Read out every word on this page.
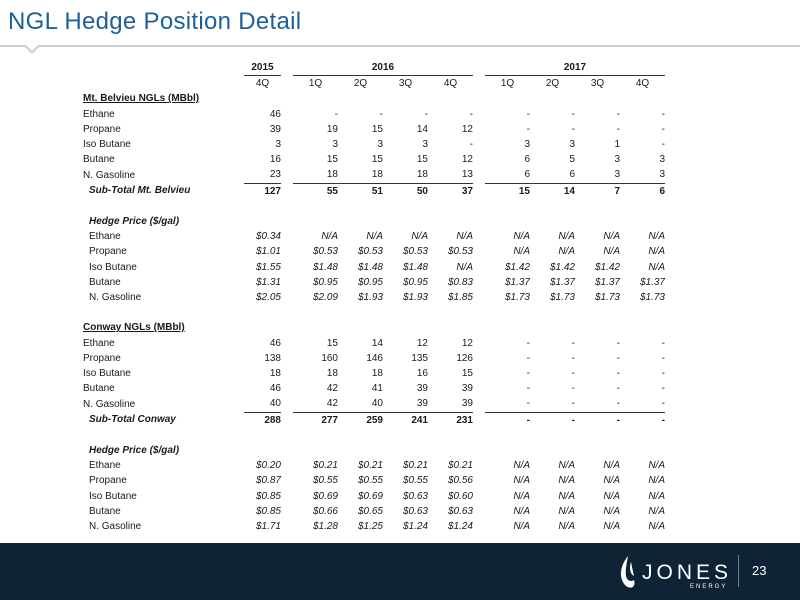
NGL Hedge Position Detail
	2015		2016					2017			
	4Q		1Q	2Q	3Q	4Q		1Q	2Q	3Q	4Q
Mt. Belvieu NGLs (MBbl)											
Ethane	46		-	-	-	-		-	-	-	-
Propane	39		19	15	14	12		-	-	-	-
Iso Butane	3		3	3	3	-		3	3	1	-
Butane	16		15	15	15	12		6	5	3	3
N. Gasoline	23		18	18	18	13		6	6	3	3
Sub-Total Mt. Belvieu	127		55	51	50	37		15	14	7	6

Hedge Price ($/gal)											
Ethane	$0.34		N/A	N/A	N/A	N/A		N/A	N/A	N/A	N/A
Propane	$1.01		$0.53	$0.53	$0.53	$0.53		N/A	N/A	N/A	N/A
Iso Butane	$1.55		$1.48	$1.48	$1.48	N/A		$1.42	$1.42	$1.42	N/A
Butane	$1.31		$0.95	$0.95	$0.95	$0.83		$1.37	$1.37	$1.37	$1.37
N. Gasoline	$2.05		$2.09	$1.93	$1.93	$1.85		$1.73	$1.73	$1.73	$1.73

Conway NGLs (MBbl)											
Ethane	46		15	14	12	12		-	-	-	-
Propane	138		160	146	135	126		-	-	-	-
Iso Butane	18		18	18	16	15		-	-	-	-
Butane	46		42	41	39	39		-	-	-	-
N. Gasoline	40		42	40	39	39		-	-	-	-
Sub-Total Conway	288		277	259	241	231		-	-	-	-

Hedge Price ($/gal)											
Ethane	$0.20		$0.21	$0.21	$0.21	$0.21		N/A	N/A	N/A	N/A
Propane	$0.87		$0.55	$0.55	$0.55	$0.56		N/A	N/A	N/A	N/A
Iso Butane	$0.85		$0.69	$0.69	$0.63	$0.60		N/A	N/A	N/A	N/A
Butane	$0.85		$0.66	$0.65	$0.63	$0.63		N/A	N/A	N/A	N/A
N. Gasoline	$1.71		$1.28	$1.25	$1.24	$1.24		N/A	N/A	N/A	N/A
JONES
ENERGY
23
